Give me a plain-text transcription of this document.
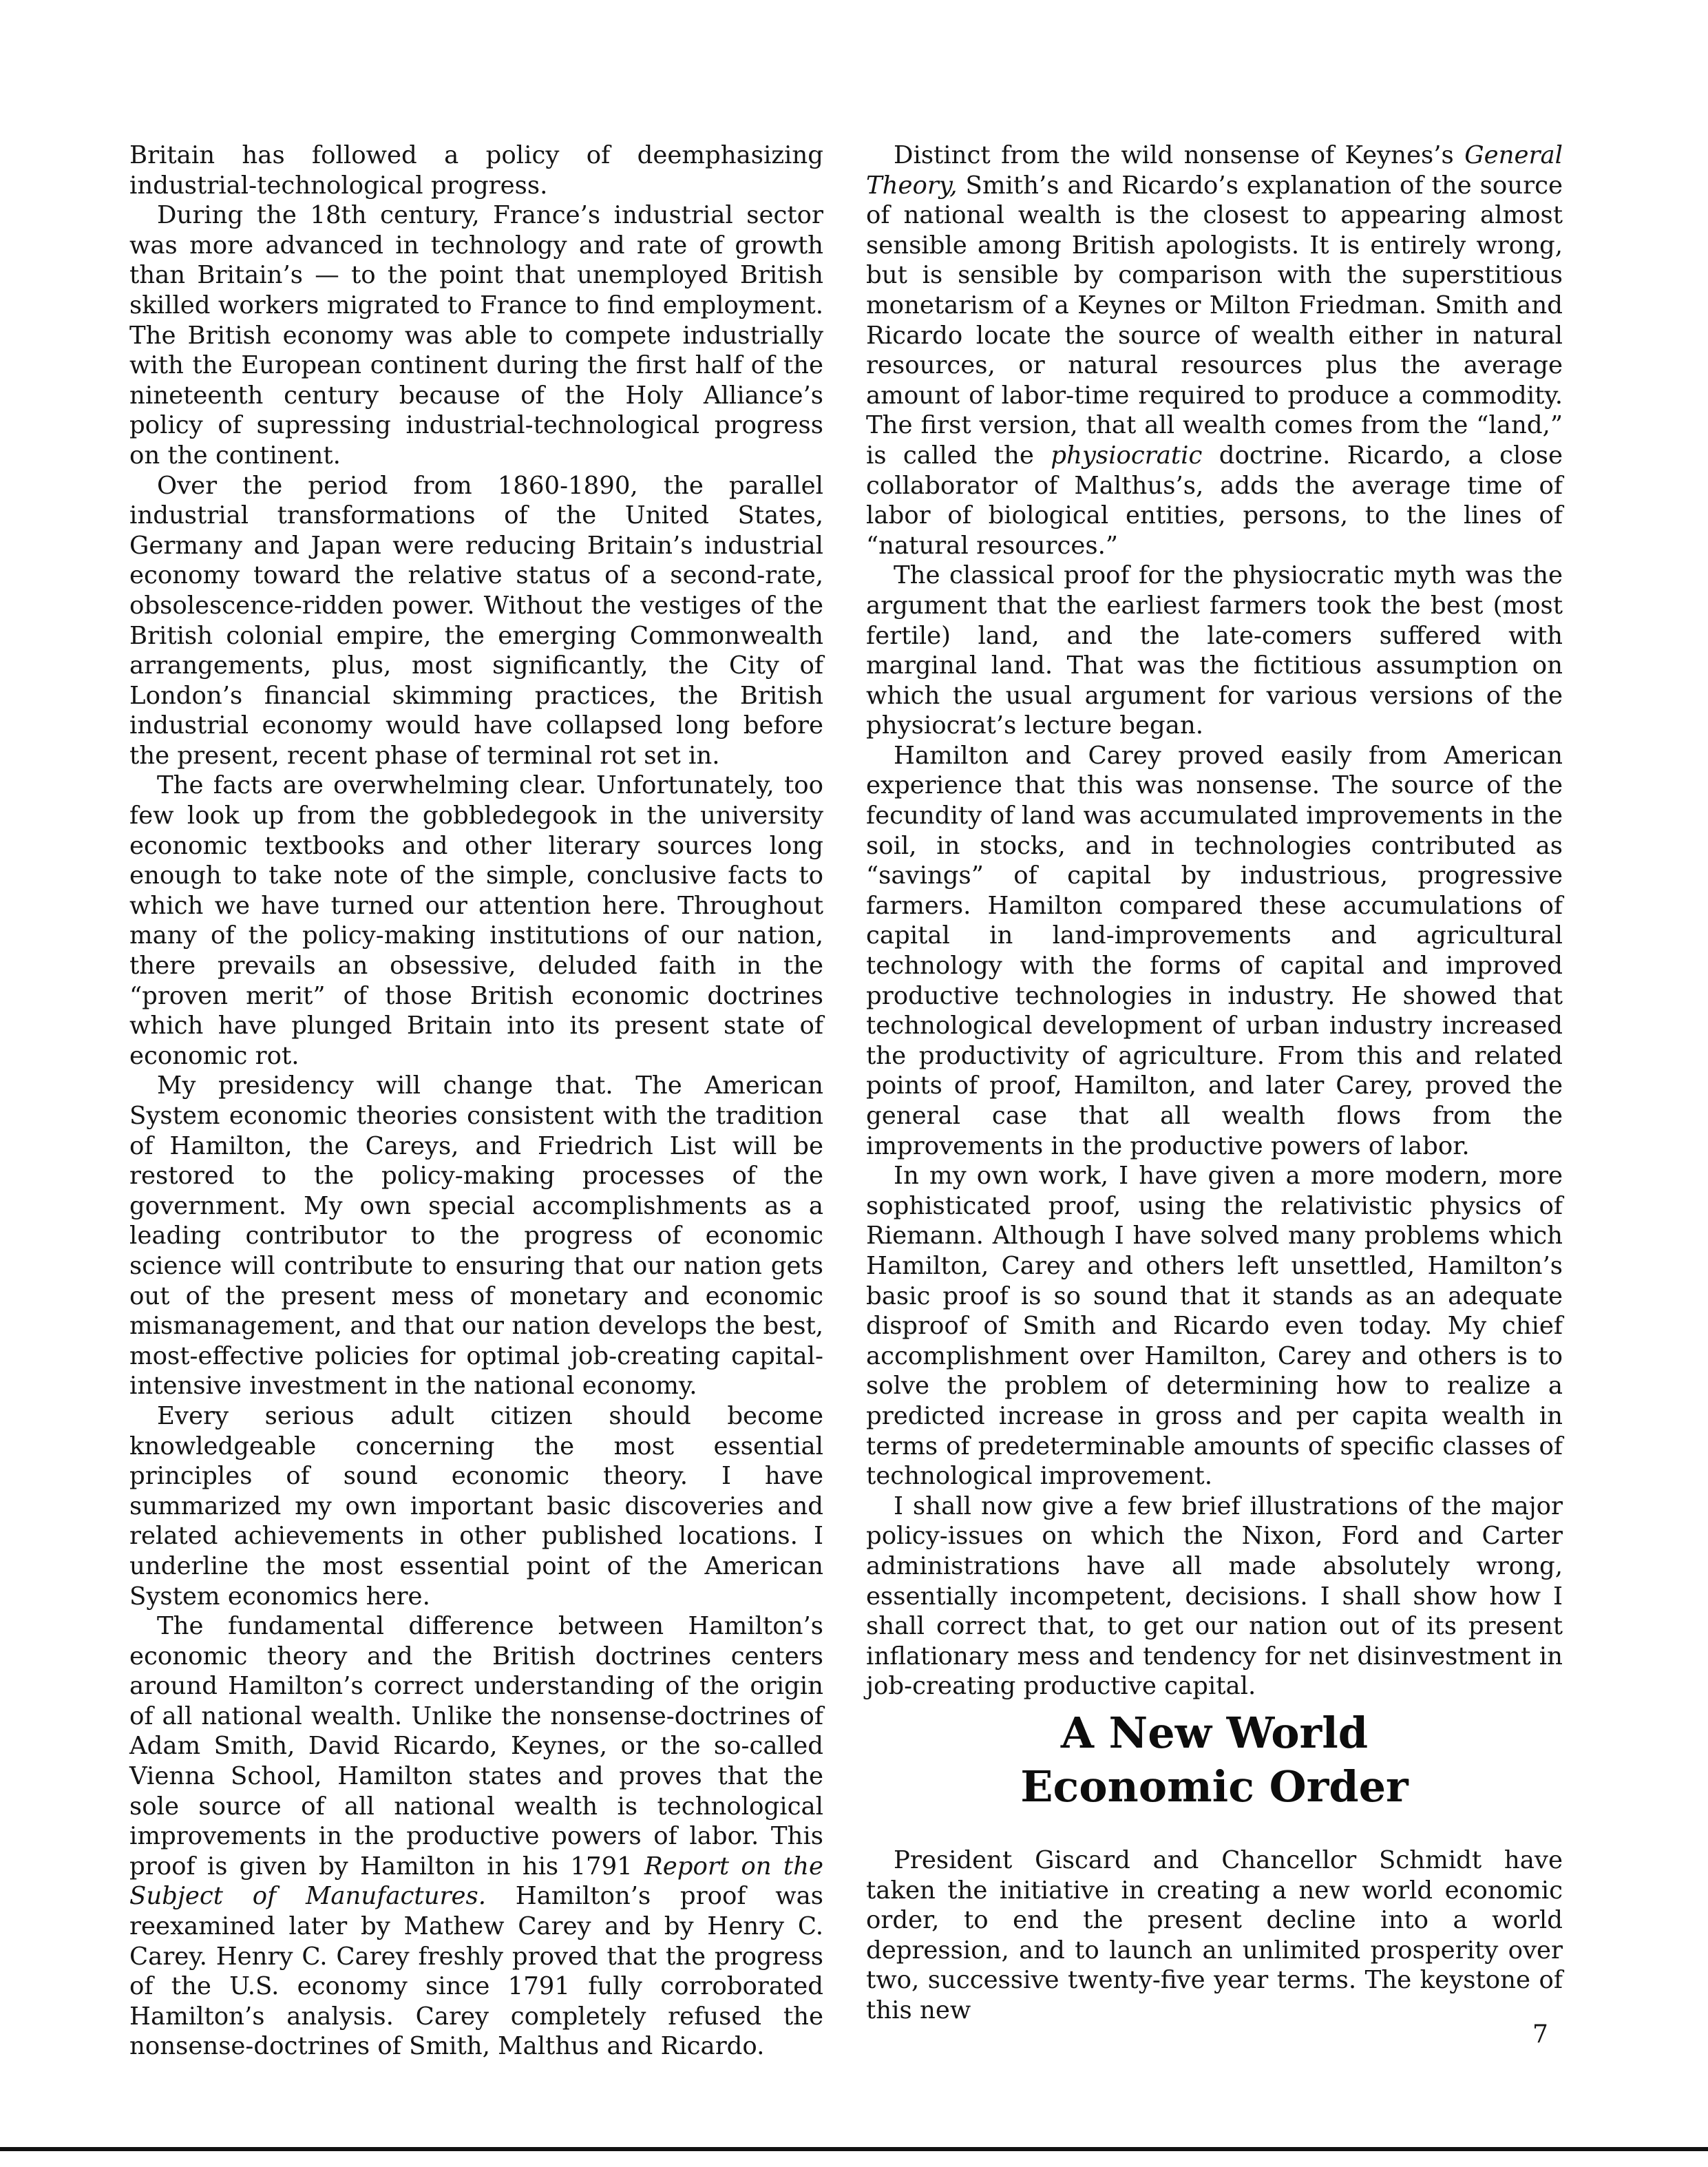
Britain has followed a policy of deemphasizing industrial-technological progress.

During the 18th century, France’s industrial sector was more advanced in technology and rate of growth than Britain’s — to the point that unemployed British skilled workers migrated to France to find employment. The British economy was able to compete industrially with the European continent during the first half of the nineteenth century because of the Holy Alliance’s policy of supressing industrial-technological progress on the continent.

Over the period from 1860-1890, the parallel industrial transformations of the United States, Germany and Japan were reducing Britain’s industrial economy toward the relative status of a second-rate, obsolescence-ridden power. Without the vestiges of the British colonial empire, the emerging Commonwealth arrangements, plus, most significantly, the City of London’s financial skimming practices, the British industrial economy would have collapsed long before the present, recent phase of terminal rot set in.

The facts are overwhelming clear. Unfortunately, too few look up from the gobbledegook in the university economic textbooks and other literary sources long enough to take note of the simple, conclusive facts to which we have turned our attention here. Throughout many of the policy-making institutions of our nation, there prevails an obsessive, deluded faith in the “proven merit” of those British economic doctrines which have plunged Britain into its present state of economic rot.

My presidency will change that. The American System economic theories consistent with the tradition of Hamilton, the Careys, and Friedrich List will be restored to the policy-making processes of the government. My own special accomplishments as a leading contributor to the progress of economic science will contribute to ensuring that our nation gets out of the present mess of monetary and economic mismanagement, and that our nation develops the best, most-effective policies for optimal job-creating capital-intensive investment in the national economy.

Every serious adult citizen should become knowledgeable concerning the most essential principles of sound economic theory. I have summarized my own important basic discoveries and related achievements in other published locations. I underline the most essential point of the American System economics here.

The fundamental difference between Hamilton’s economic theory and the British doctrines centers around Hamilton’s correct understanding of the origin of all national wealth. Unlike the nonsense-doctrines of Adam Smith, David Ricardo, Keynes, or the so-called Vienna School, Hamilton states and proves that the sole source of all national wealth is technological improvements in the productive powers of labor. This proof is given by Hamilton in his 1791 Report on the Subject of Manufactures. Hamilton’s proof was reexamined later by Mathew Carey and by Henry C. Carey. Henry C. Carey freshly proved that the progress of the U.S. economy since 1791 fully corroborated Hamilton’s analysis. Carey completely refused the nonsense-doctrines of Smith, Malthus and Ricardo.

Distinct from the wild nonsense of Keynes’s General Theory, Smith’s and Ricardo’s explanation of the source of national wealth is the closest to appearing almost sensible among British apologists. It is entirely wrong, but is sensible by comparison with the superstitious monetarism of a Keynes or Milton Friedman. Smith and Ricardo locate the source of wealth either in natural resources, or natural resources plus the average amount of labor-time required to produce a commodity. The first version, that all wealth comes from the “land,” is called the physiocratic doctrine. Ricardo, a close collaborator of Malthus’s, adds the average time of labor of biological entities, persons, to the lines of “natural resources.”

The classical proof for the physiocratic myth was the argument that the earliest farmers took the best (most fertile) land, and the late-comers suffered with marginal land. That was the fictitious assumption on which the usual argument for various versions of the physiocrat’s lecture began.

Hamilton and Carey proved easily from American experience that this was nonsense. The source of the fecundity of land was accumulated improvements in the soil, in stocks, and in technologies contributed as “savings” of capital by industrious, progressive farmers. Hamilton compared these accumulations of capital in land-improvements and agricultural technology with the forms of capital and improved productive technologies in industry. He showed that technological development of urban industry increased the productivity of agriculture. From this and related points of proof, Hamilton, and later Carey, proved the general case that all wealth flows from the improvements in the productive powers of labor.

In my own work, I have given a more modern, more sophisticated proof, using the relativistic physics of Riemann. Although I have solved many problems which Hamilton, Carey and others left unsettled, Hamilton’s basic proof is so sound that it stands as an adequate disproof of Smith and Ricardo even today. My chief accomplishment over Hamilton, Carey and others is to solve the problem of determining how to realize a predicted increase in gross and per capita wealth in terms of predeterminable amounts of specific classes of technological improvement.

I shall now give a few brief illustrations of the major policy-issues on which the Nixon, Ford and Carter administrations have all made absolutely wrong, essentially incompetent, decisions. I shall show how I shall correct that, to get our nation out of its present inflationary mess and tendency for net disinvestment in job-creating productive capital.

A New World
Economic Order

President Giscard and Chancellor Schmidt have taken the initiative in creating a new world economic order, to end the present decline into a world depression, and to launch an unlimited prosperity over two, successive twenty-five year terms. The keystone of this new

7
